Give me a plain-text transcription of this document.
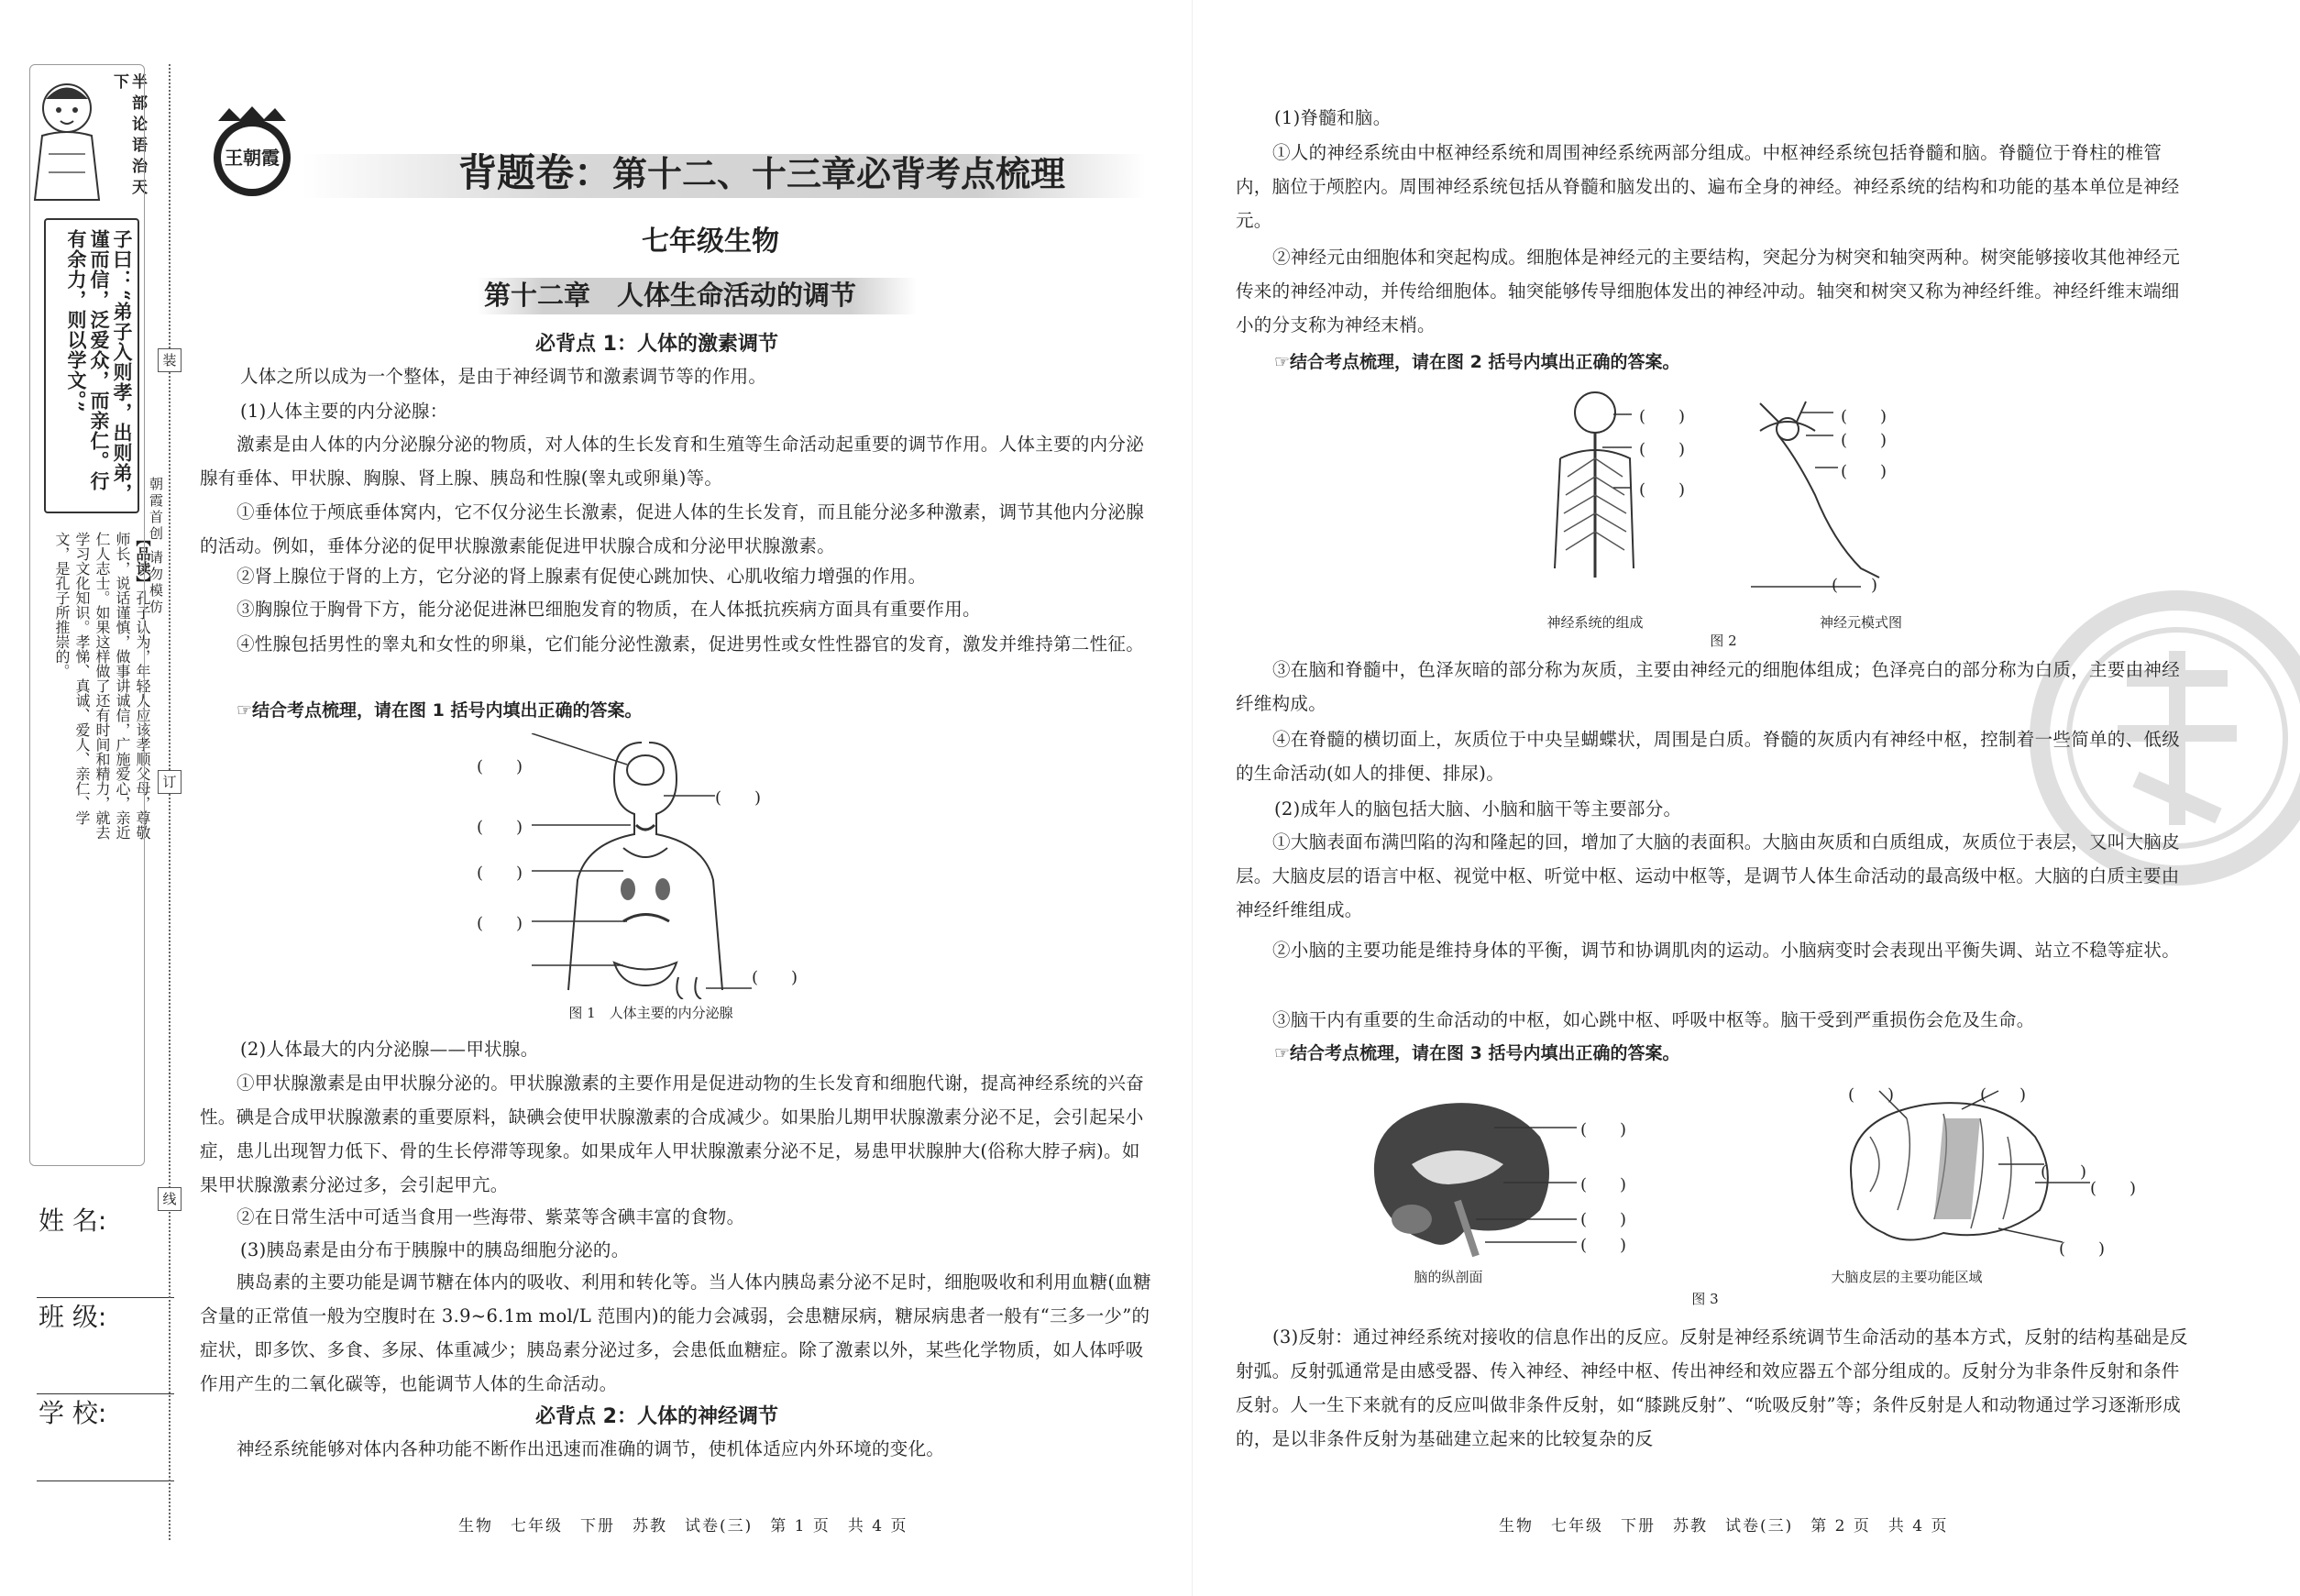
半部论语治天下
子曰：“弟子入则孝，出则弟，谨而信，泛爱众，而亲仁。行有余力，则以学文。”
【品读】孔子认为，年轻人应该孝顺父母，尊敬师长，说话谨慎，做事讲诚信，广施爱心，亲近仁人志士。如果这样做了还有时间和精力，就去学习文化知识。孝悌、真诚、爱人、亲仁、学文，是孔子所推崇的。
姓 名:
班 级:
学 校:
朝霞首创 请勿模仿
装
订
线
王朝霞	背题卷：第十二、十三章必背考点梳理
七年级生物
第十二章　人体生命活动的调节
必背点 1：人体的激素调节

人体之所以成为一个整体，是由于神经调节和激素调节等的作用。

(1)人体主要的内分泌腺：

激素是由人体的内分泌腺分泌的物质，对人体的生长发育和生殖等生命活动起重要的调节作用。人体主要的内分泌腺有垂体、甲状腺、胸腺、肾上腺、胰岛和性腺(睾丸或卵巢)等。

①垂体位于颅底垂体窝内，它不仅分泌生长激素，促进人体的生长发育，而且能分泌多种激素，调节其他内分泌腺的活动。例如，垂体分泌的促甲状腺激素能促进甲状腺合成和分泌甲状腺激素。

②肾上腺位于肾的上方，它分泌的肾上腺素有促使心跳加快、心肌收缩力增强的作用。

③胸腺位于胸骨下方，能分泌促进淋巴细胞发育的物质，在人体抵抗疾病方面具有重要作用。

④性腺包括男性的睾丸和女性的卵巢，它们能分泌性激素，促进男性或女性性器官的发育，激发并维持第二性征。

☞结合考点梳理，请在图 1 括号内填出正确的答案。
(　　)
(　　)
(　　)
(　　)
(　　)
(　　)
图 1　人体主要的内分泌腺

(2)人体最大的内分泌腺——甲状腺。

①甲状腺激素是由甲状腺分泌的。甲状腺激素的主要作用是促进动物的生长发育和细胞代谢，提高神经系统的兴奋性。碘是合成甲状腺激素的重要原料，缺碘会使甲状腺激素的合成减少。如果胎儿期甲状腺激素分泌不足，会引起呆小症，患儿出现智力低下、骨的生长停滞等现象。如果成年人甲状腺激素分泌不足，易患甲状腺肿大(俗称大脖子病)。如果甲状腺激素分泌过多，会引起甲亢。

②在日常生活中可适当食用一些海带、紫菜等含碘丰富的食物。

(3)胰岛素是由分布于胰腺中的胰岛细胞分泌的。

胰岛素的主要功能是调节糖在体内的吸收、利用和转化等。当人体内胰岛素分泌不足时，细胞吸收和利用血糖(血糖含量的正常值一般为空腹时在 3.9~6.1m mol/L 范围内)的能力会减弱，会患糖尿病，糖尿病患者一般有“三多一少”的症状，即多饮、多食、多尿、体重减少；胰岛素分泌过多，会患低血糖症。除了激素以外，某些化学物质，如人体呼吸作用产生的二氧化碳等，也能调节人体的生命活动。

必背点 2：人体的神经调节

神经系统能够对体内各种功能不断作出迅速而准确的调节，使机体适应内外环境的变化。

生物　七年级　下册　苏教　试卷(三)　第 1 页　共 4 页

(1)脊髓和脑。

①人的神经系统由中枢神经系统和周围神经系统两部分组成。中枢神经系统包括脊髓和脑。脊髓位于脊柱的椎管内，脑位于颅腔内。周围神经系统包括从脊髓和脑发出的、遍布全身的神经。神经系统的结构和功能的基本单位是神经元。

②神经元由细胞体和突起构成。细胞体是神经元的主要结构，突起分为树突和轴突两种。树突能够接收其他神经元传来的神经冲动，并传给细胞体。轴突能够传导细胞体发出的神经冲动。轴突和树突又称为神经纤维。神经纤维末端细小的分支称为神经末梢。

☞结合考点梳理，请在图 2 括号内填出正确的答案。
(　　)
(　　)
(　　)
(　　)
(　　)
(　　)
(　　)
神经系统的组成	神经元模式图
图 2

③在脑和脊髓中，色泽灰暗的部分称为灰质，主要由神经元的细胞体组成；色泽亮白的部分称为白质，主要由神经纤维构成。

④在脊髓的横切面上，灰质位于中央呈蝴蝶状，周围是白质。脊髓的灰质内有神经中枢，控制着一些简单的、低级的生命活动(如人的排便、排尿)。

(2)成年人的脑包括大脑、小脑和脑干等主要部分。

①大脑表面布满凹陷的沟和隆起的回，增加了大脑的表面积。大脑由灰质和白质组成，灰质位于表层，又叫大脑皮层。大脑皮层的语言中枢、视觉中枢、听觉中枢、运动中枢等，是调节人体生命活动的最高级中枢。大脑的白质主要由神经纤维组成。

②小脑的主要功能是维持身体的平衡，调节和协调肌肉的运动。小脑病变时会表现出平衡失调、站立不稳等症状。

③脑干内有重要的生命活动的中枢，如心跳中枢、呼吸中枢等。脑干受到严重损伤会危及生命。

☞结合考点梳理，请在图 3 括号内填出正确的答案。
(　　)
(　　)
(　　)
(　　)
(　　)	(　　)
(　　)
(　　)
(　　)
脑的纵剖面	大脑皮层的主要功能区域
图 3

(3)反射：通过神经系统对接收的信息作出的反应。反射是神经系统调节生命活动的基本方式，反射的结构基础是反射弧。反射弧通常是由感受器、传入神经、神经中枢、传出神经和效应器五个部分组成的。反射分为非条件反射和条件反射。人一生下来就有的反应叫做非条件反射，如“膝跳反射”、“吮吸反射”等；条件反射是人和动物通过学习逐渐形成的，是以非条件反射为基础建立起来的比较复杂的反

生物　七年级　下册　苏教　试卷(三)　第 2 页　共 4 页
